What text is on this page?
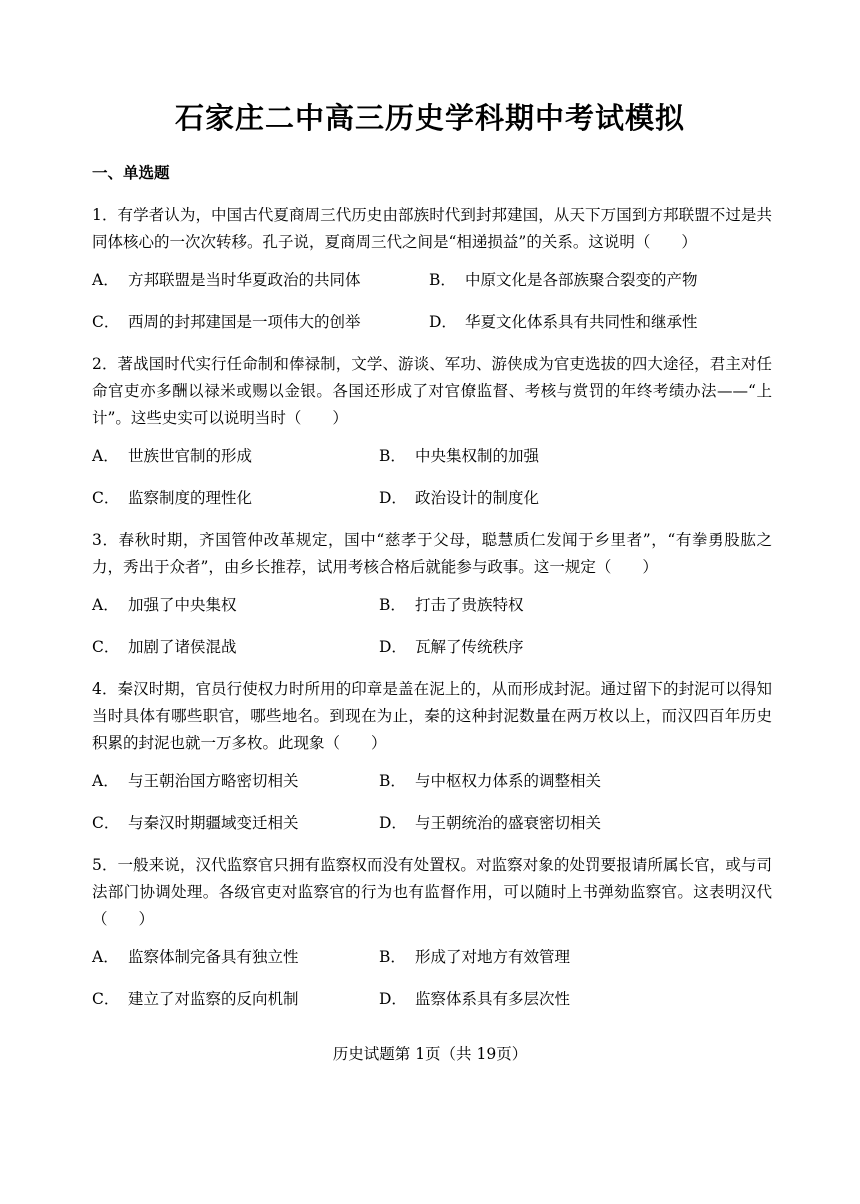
石家庄二中高三历史学科期中考试模拟
一、单选题

1．有学者认为，中国古代夏商周三代历史由部族时代到封邦建国，从天下万国到方邦联盟不过是共同体核心的一次次转移。孔子说，夏商周三代之间是“相递损益”的关系。这说明（　　）

A． 方邦联盟是当时华夏政治的共同体	B． 中原文化是各部族聚合裂变的产物
C． 西周的封邦建国是一项伟大的创举	D． 华夏文化体系具有共同性和继承性

2．著战国时代实行任命制和俸禄制，文学、游谈、军功、游侠成为官吏选拔的四大途径，君主对任命官吏亦多酬以禄米或赐以金银。各国还形成了对官僚监督、考核与赏罚的年终考绩办法——“上计”。这些史实可以说明当时（　　）

A． 世族世官制的形成	B． 中央集权制的加强
C． 监察制度的理性化	D． 政治设计的制度化

3．春秋时期，齐国管仲改革规定，国中“慈孝于父母，聪慧质仁发闻于乡里者”，“有拳勇股肱之力，秀出于众者”，由乡长推荐，试用考核合格后就能参与政事。这一规定（　　）

A． 加强了中央集权	B． 打击了贵族特权
C． 加剧了诸侯混战	D． 瓦解了传统秩序

4．秦汉时期，官员行使权力时所用的印章是盖在泥上的，从而形成封泥。通过留下的封泥可以得知当时具体有哪些职官，哪些地名。到现在为止，秦的这种封泥数量在两万枚以上，而汉四百年历史积累的封泥也就一万多枚。此现象（　　）

A． 与王朝治国方略密切相关	B． 与中枢权力体系的调整相关
C． 与秦汉时期疆域变迁相关	D． 与王朝统治的盛衰密切相关

5．一般来说，汉代监察官只拥有监察权而没有处置权。对监察对象的处罚要报请所属长官，或与司法部门协调处理。各级官吏对监察官的行为也有监督作用，可以随时上书弹劾监察官。这表明汉代（　　）

A． 监察体制完备具有独立性	B． 形成了对地方有效管理
C． 建立了对监察的反向机制	D． 监察体系具有多层次性
历史试题第 1页（共 19页）
